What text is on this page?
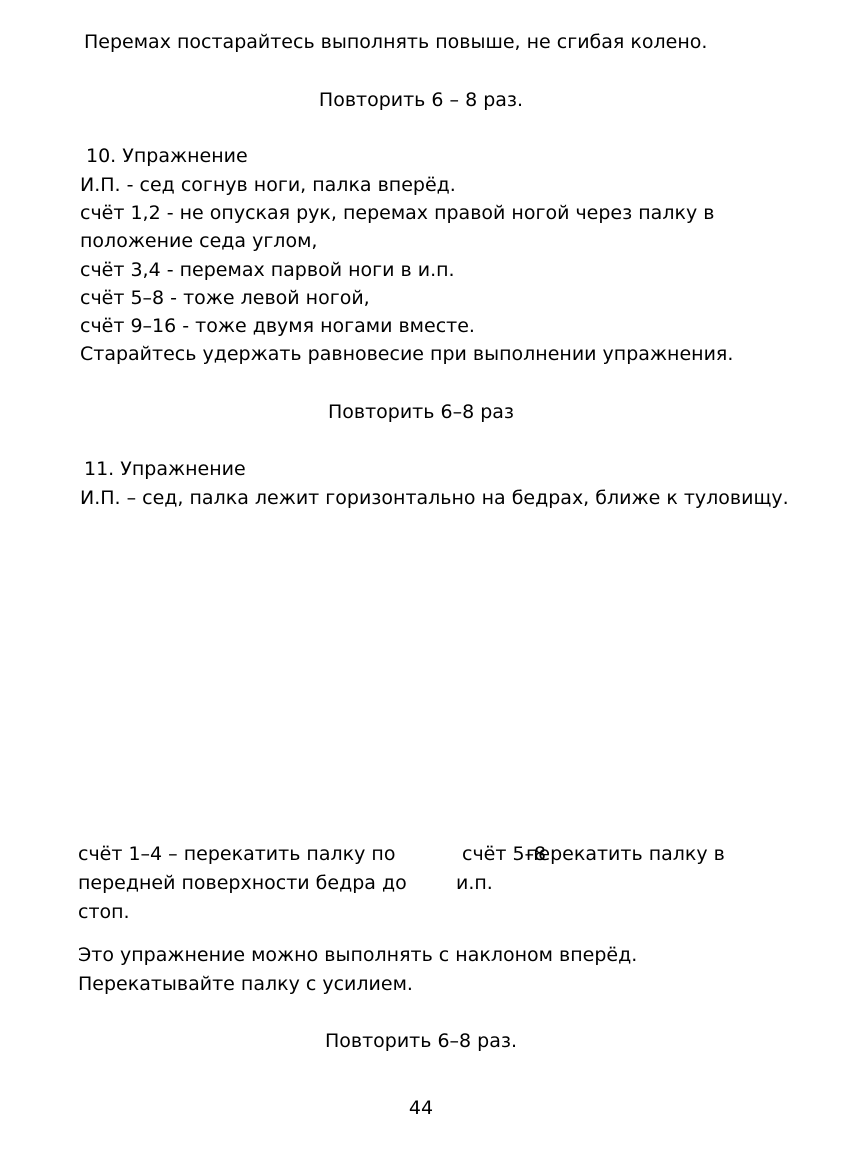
Перемах постарайтесь выполнять повыше, не сгибая колено.
Повторить 6 – 8 раз.
10. Упражнение
И.П. - сед согнув ноги, палка вперёд.
счёт 1,2 - не опуская рук, перемах правой ногой через палку в
положение седа углом,
счёт 3,4 - перемах парвой ноги в и.п.
счёт 5–8 - тоже левой ногой,
счёт 9–16 - тоже двумя ногами вместе.
Старайтесь удержать равновесие при выполнении упражнения.
Повторить 6–8 раз
11. Упражнение
И.П. – сед, палка лежит горизонтально на бедрах, ближе к туловищу.
счёт 1–4 – перекатить палку по
передней поверхности бедра до
стоп.
счёт 5–8
и.п.
перекатить палку в
Это упражнение можно выполнять с наклоном вперёд.
Перекатывайте палку с усилием.
Повторить 6–8 раз.
44
